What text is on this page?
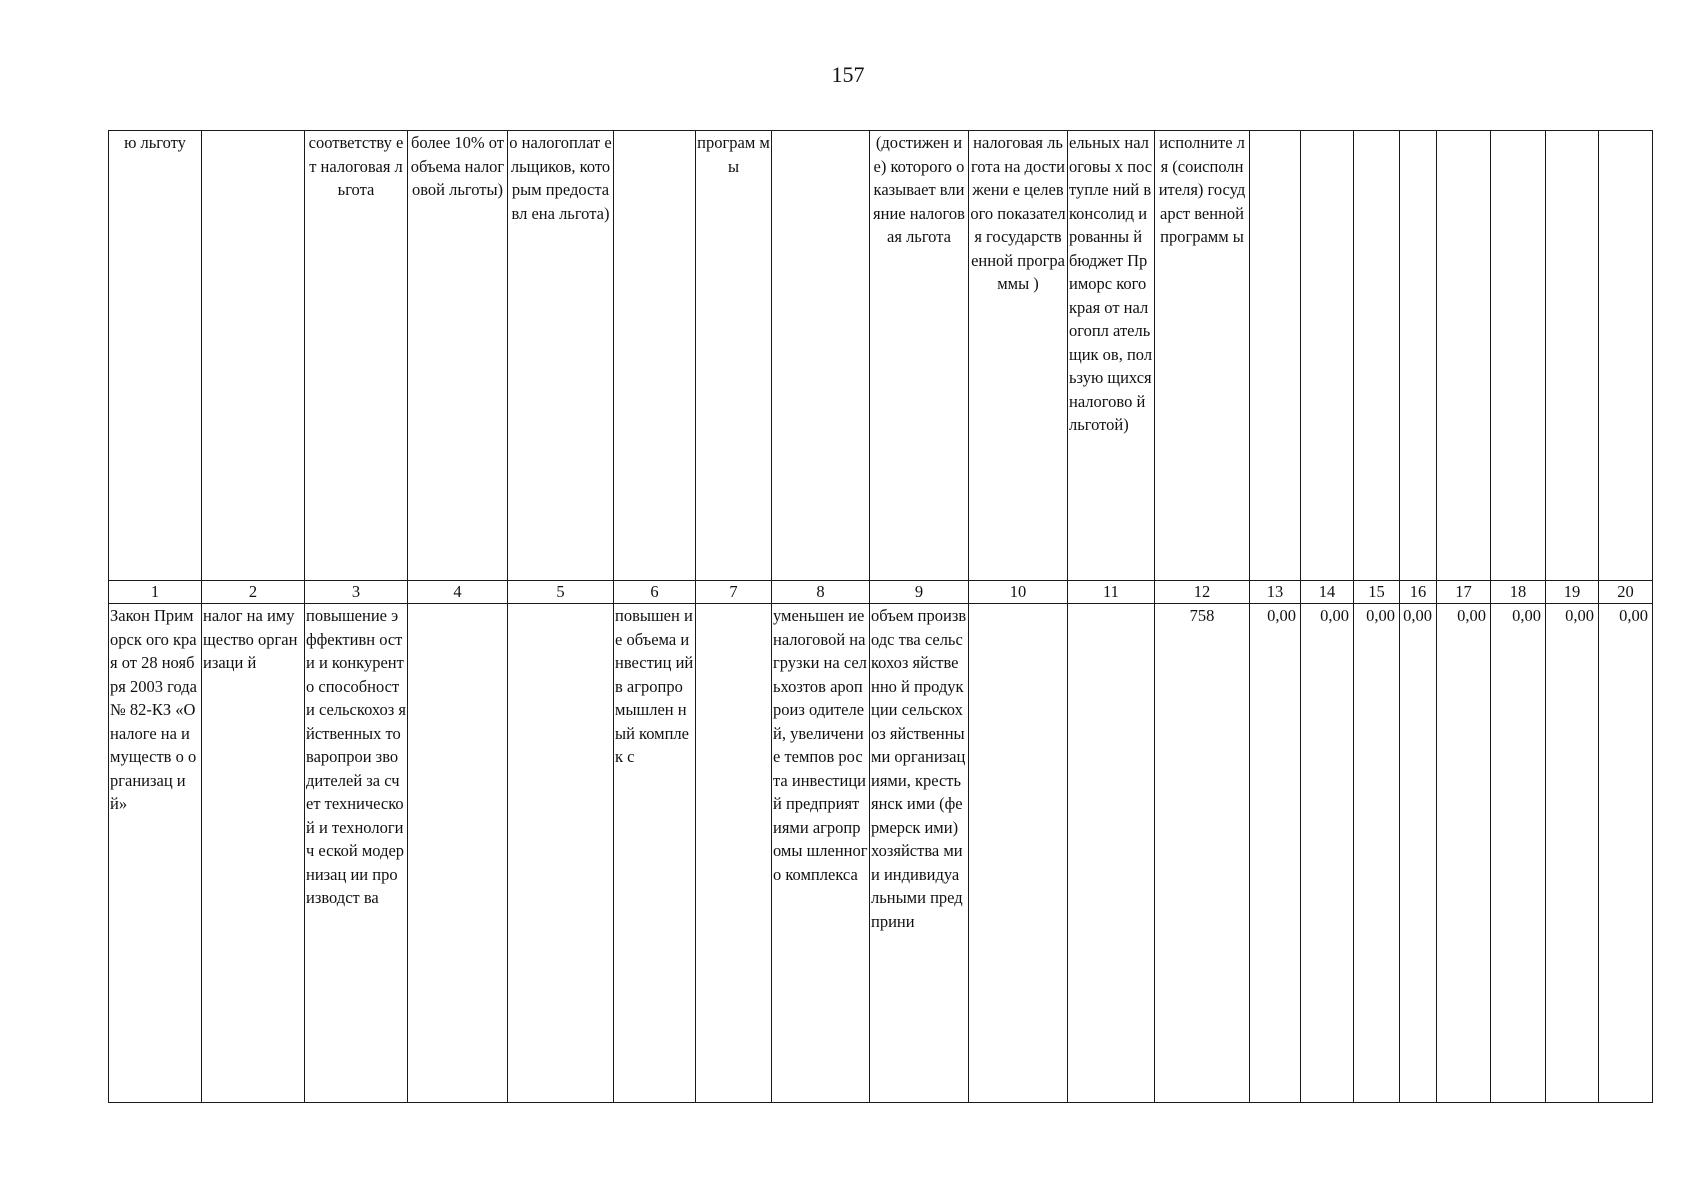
157
ю льготу		соответству ет налоговая льгота	более 10% от объема налоговой льготы)	о налогоплат ельщиков, которым предоставл ена льгота)		програм мы		(достижен ие) которого оказывает влияние налоговая льгота	налоговая льгота на достижени е целевого показателя государств енной программы )	ельных налоговы х поступле ний в консолид ированны й бюджет Приморс кого края от налогопл ательщик ов, пользую щихся налогово й льготой)	исполните ля (соисполн ителя) государст венной программ ы								

1	2	3	4	5	6	7	8	9	10	11	12	13	14	15	16	17	18	19	20

Закон Приморск ого края от 28 ноября 2003 года № 82-КЗ «О налоге на имуществ о организац ий»	налог на имущество организаци й	повышение эффективн ости и конкуренто способност и сельскохоз яйственных товаропрои зводителей за счет техническо й и технологич еской модернизац ии производст ва			повышен ие объема инвестиц ий в агропро мышлен ный комплек с		уменьшен ие налоговой нагрузки на сельхозтов аропроиз одителей, увеличени е темпов роста инвестици й предприят иями агропромы шленного комплекса	объем производс тва сельскохоз яйственно й продукции сельскохоз яйственны ми организац иями, крестьянск ими (фермерск ими) хозяйства ми и индивидуа льными предприни			758	0,00	0,00	0,00	0,00	0,00	0,00	0,00	0,00
